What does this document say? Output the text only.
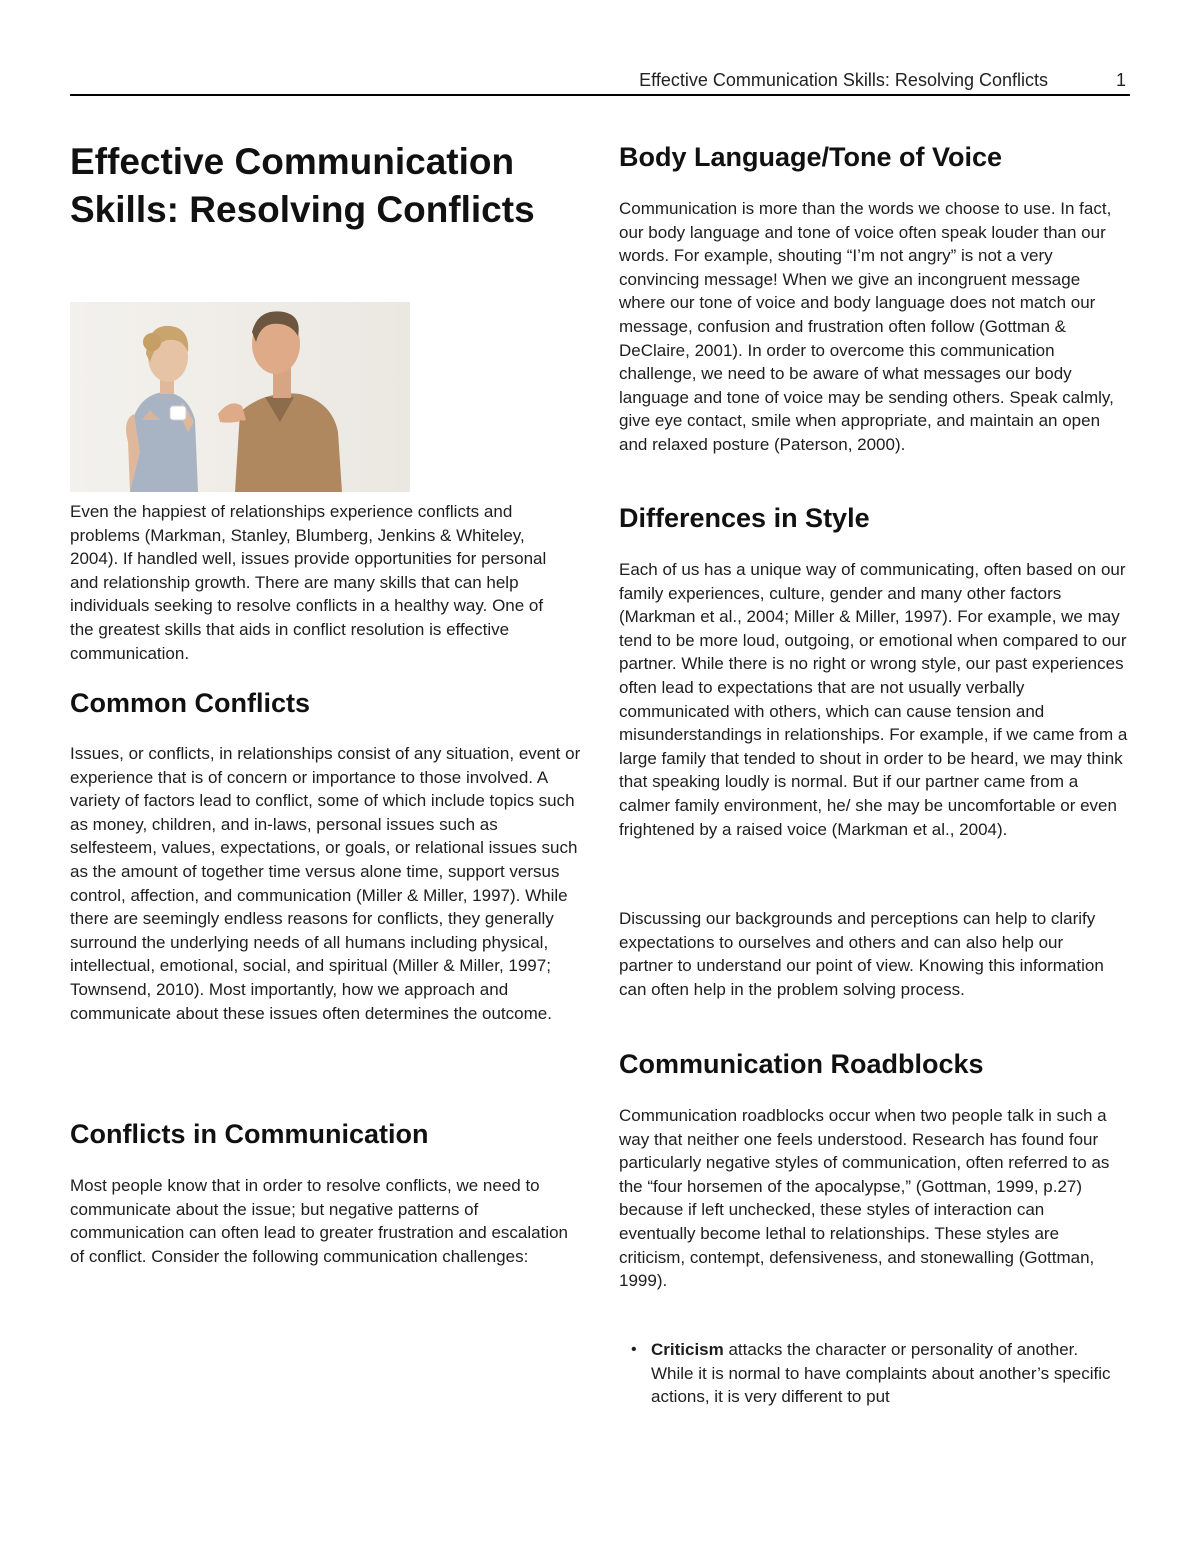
Effective Communication Skills: Resolving Conflicts	1
Effective Communication Skills: Resolving Conflicts

Even the happiest of relationships experience conflicts and problems (Markman, Stanley, Blumberg, Jenkins & Whiteley, 2004). If handled well, issues provide opportunities for personal and relationship growth. There are many skills that can help individuals seeking to resolve conflicts in a healthy way. One of the greatest skills that aids in conflict resolution is effective communication.

Common Conflicts

Issues, or conflicts, in relationships consist of any situation, event or experience that is of concern or importance to those involved. A variety of factors lead to conflict, some of which include topics such as money, children, and in-laws, personal issues such as selfesteem, values, expectations, or goals, or relational issues such as the amount of together time versus alone time, support versus control, affection, and communication (Miller & Miller, 1997). While there are seemingly endless reasons for conflicts, they generally surround the underlying needs of all humans including physical, intellectual, emotional, social, and spiritual (Miller & Miller, 1997; Townsend, 2010). Most importantly, how we approach and communicate about these issues often determines the outcome.

Conflicts in Communication

Most people know that in order to resolve conflicts, we need to communicate about the issue; but negative patterns of communication can often lead to greater frustration and escalation of conflict. Consider the following communication challenges:

Body Language/Tone of Voice

Communication is more than the words we choose to use. In fact, our body language and tone of voice often speak louder than our words. For example, shouting “I’m not angry” is not a very convincing message! When we give an incongruent message where our tone of voice and body language does not match our message, confusion and frustration often follow (Gottman & DeClaire, 2001). In order to overcome this communication challenge, we need to be aware of what messages our body language and tone of voice may be sending others. Speak calmly, give eye contact, smile when appropriate, and maintain an open and relaxed posture (Paterson, 2000).

Differences in Style

Each of us has a unique way of communicating, often based on our family experiences, culture, gender and many other factors (Markman et al., 2004; Miller & Miller, 1997). For example, we may tend to be more loud, outgoing, or emotional when compared to our partner. While there is no right or wrong style, our past experiences often lead to expectations that are not usually verbally communicated with others, which can cause tension and misunderstandings in relationships. For example, if we came from a large family that tended to shout in order to be heard, we may think that speaking loudly is normal. But if our partner came from a calmer family environment, he/ she may be uncomfortable or even frightened by a raised voice (Markman et al., 2004).

Discussing our backgrounds and perceptions can help to clarify expectations to ourselves and others and can also help our partner to understand our point of view. Knowing this information can often help in the problem solving process.

Communication Roadblocks

Communication roadblocks occur when two people talk in such a way that neither one feels understood. Research has found four particularly negative styles of communication, often referred to as the “four horsemen of the apocalypse,” (Gottman, 1999, p.27) because if left unchecked, these styles of interaction can eventually become lethal to relationships. These styles are criticism, contempt, defensiveness, and stonewalling (Gottman, 1999).

• Criticism attacks the character or personality of another. While it is normal to have complaints about another’s specific actions, it is very different to put
